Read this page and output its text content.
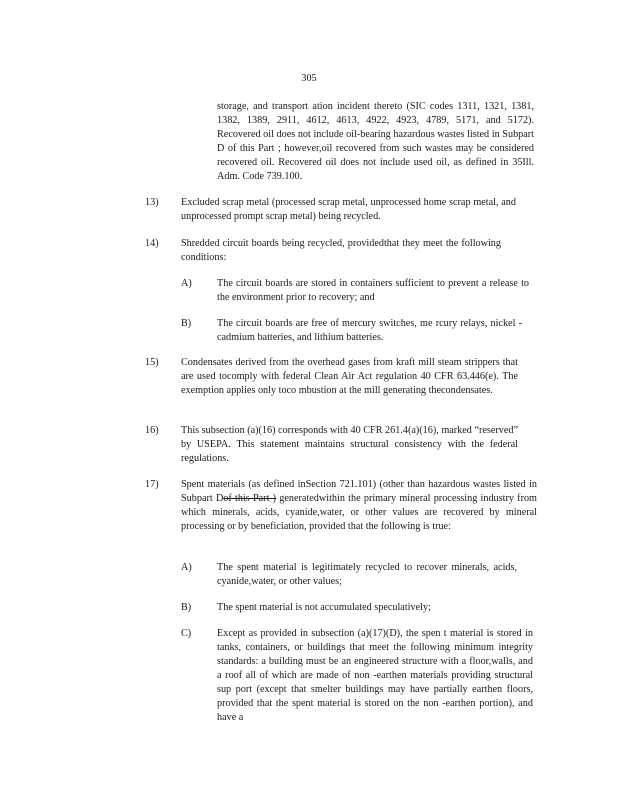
305
storage, and transport ation incident thereto (SIC codes 1311, 1321, 1381, 1382, 1389, 2911, 4612, 4613, 4922, 4923, 4789, 5171, and 5172). Recovered oil does not include oil-bearing hazardous wastes listed in Subpart D of this Part ; however,oil recovered from such wastes may be considered recovered oil. Recovered oil does not include used oil, as defined in 35Ill. Adm. Code 739.100.
13) Excluded scrap metal (processed scrap metal, unprocessed home scrap metal, and unprocessed prompt scrap metal) being recycled.
14) Shredded circuit boards being recycled, providedthat they meet the following conditions:
A) The circuit boards are stored in containers sufficient to prevent a release to the environment prior to recovery; and
B)	The circuit boards are free of mercury switches, me rcury relays, nickel -cadmium batteries, and lithium batteries.
15) Condensates derived from the overhead gases from kraft mill steam strippers that are used tocomply with federal Clean Air Act regulation 40 CFR 63.446(e). The exemption applies only toco mbustion at the mill generating thecondensates.
16) This subsection (a)(16) corresponds with 40 CFR 261.4(a)(16), marked “reserved” by USEPA. This statement maintains structural consistency with the federal regulations.
17) Spent materials (as defined inSection 721.101) (other than hazardous wastes listed in Subpart Dof this Part ) generatedwithin the primary mineral processing industry from which minerals, acids, cyanide,water, or other values are recovered by mineral processing or by beneficiation, provided that the following is true:
A) The spent material is legitimately recycled to recover minerals, acids, cyanide,water, or other values;
B)	The spent material is not accumulated speculatively;
C)	Except as provided in subsection (a)(17)(D), the spen t material is stored in tanks, containers, or buildings that meet the following minimum integrity standards: a building must be an engineered structure with a floor,walls, and a roof all of which are made of non -earthen materials providing structural sup port (except that smelter buildings may have partially earthen floors, provided that the spent material is stored on the non -earthen portion), and have a
